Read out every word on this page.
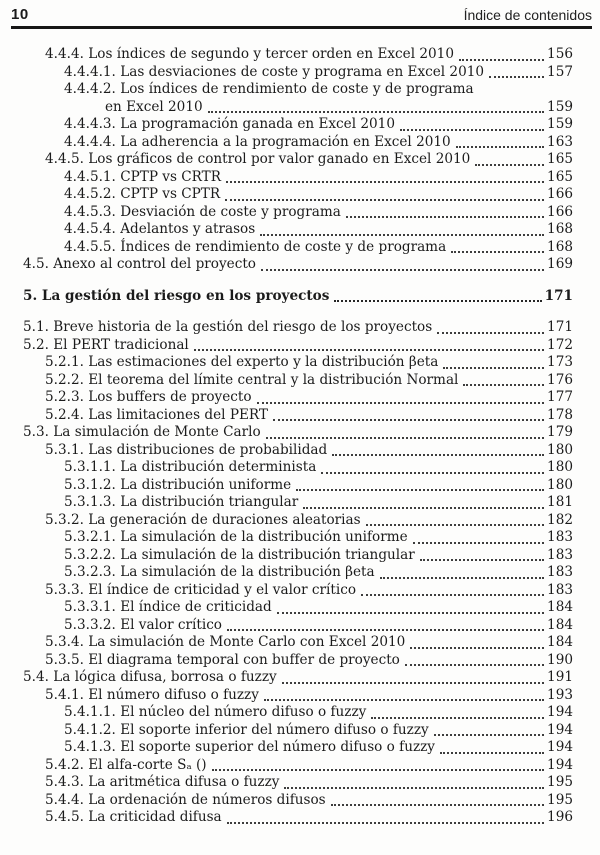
10	Índice de contenidos
4.4.4. Los índices de segundo y tercer orden en Excel 2010	156
4.4.4.1. Las desviaciones de coste y programa en Excel 2010	157
4.4.4.2. Los índices de rendimiento de coste y de programa
en Excel 2010	159
4.4.4.3. La programación ganada en Excel 2010	159
4.4.4.4. La adherencia a la programación en Excel 2010	163
4.4.5. Los gráficos de control por valor ganado en Excel 2010	165
4.4.5.1. CPTP vs CRTR	165
4.4.5.2. CPTP vs CPTR	166
4.4.5.3. Desviación de coste y programa	166
4.4.5.4. Adelantos y atrasos	168
4.4.5.5. Índices de rendimiento de coste y de programa	168
4.5. Anexo al control del proyecto	169
5. La gestión del riesgo en los proyectos	171
5.1. Breve historia de la gestión del riesgo de los proyectos	171
5.2. El PERT tradicional	172
5.2.1. Las estimaciones del experto y la distribución βeta	173
5.2.2. El teorema del límite central y la distribución Normal	176
5.2.3. Los buffers de proyecto	177
5.2.4. Las limitaciones del PERT	178
5.3. La simulación de Monte Carlo	179
5.3.1. Las distribuciones de probabilidad	180
5.3.1.1. La distribución determinista	180
5.3.1.2. La distribución uniforme	180
5.3.1.3. La distribución triangular	181
5.3.2. La generación de duraciones aleatorias	182
5.3.2.1. La simulación de la distribución uniforme	183
5.3.2.2. La simulación de la distribución triangular	183
5.3.2.3. La simulación de la distribución βeta	183
5.3.3. El índice de criticidad y el valor crítico	183
5.3.3.1. El índice de criticidad	184
5.3.3.2. El valor crítico	184
5.3.4. La simulación de Monte Carlo con Excel 2010	184
5.3.5. El diagrama temporal con buffer de proyecto	190
5.4. La lógica difusa, borrosa o fuzzy	191
5.4.1. El número difuso o fuzzy	193
5.4.1.1. El núcleo del número difuso o fuzzy	194
5.4.1.2. El soporte inferior del número difuso o fuzzy	194
5.4.1.3. El soporte superior del número difuso o fuzzy	194
5.4.2. El alfa-corte Sₐ ()	194
5.4.3. La aritmética difusa o fuzzy	195
5.4.4. La ordenación de números difusos	195
5.4.5. La criticidad difusa	196
